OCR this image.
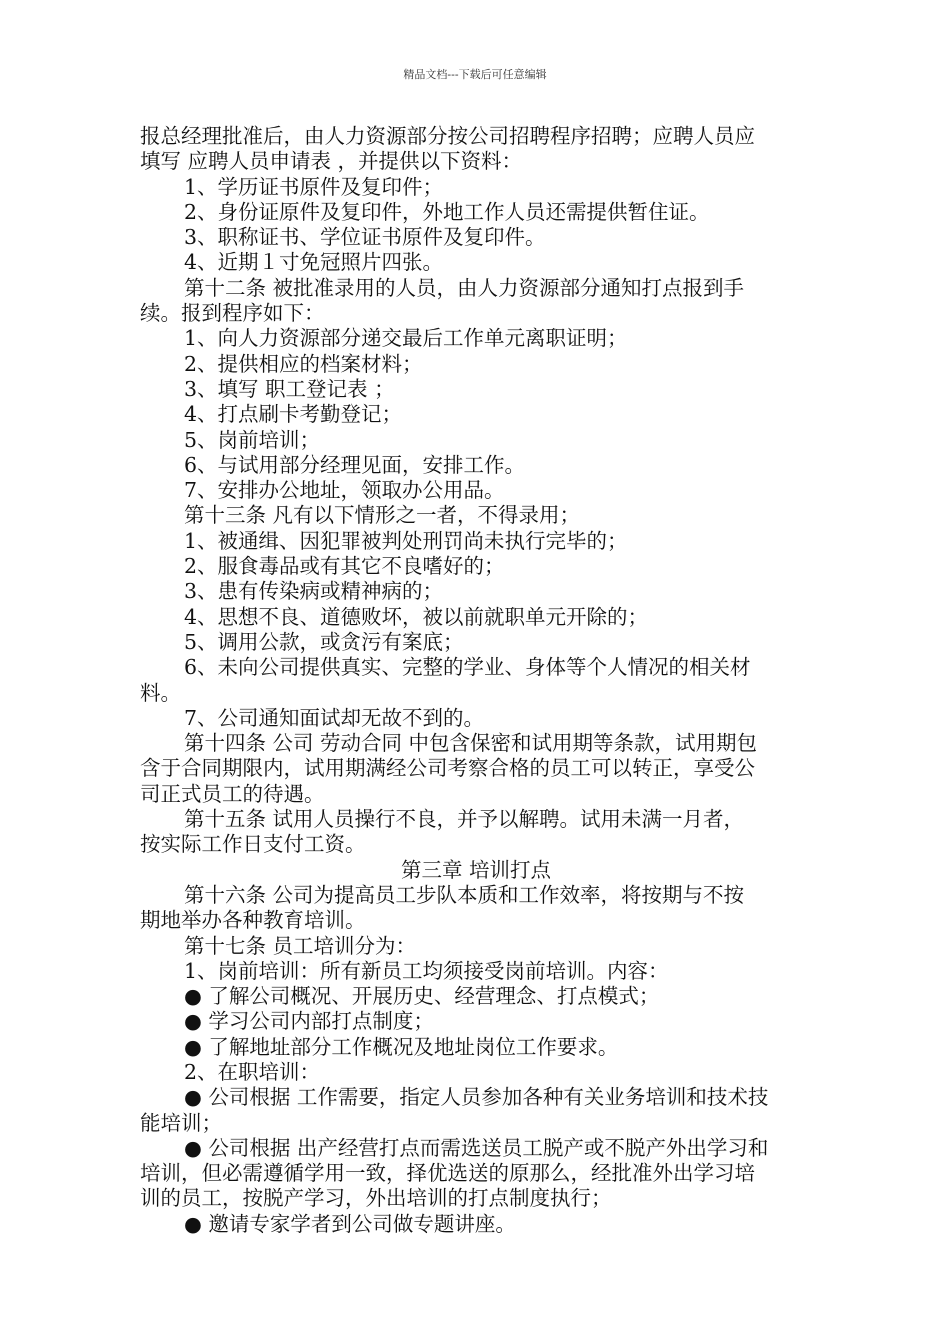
精品文档---下载后可任意编辑

报总经理批准后，由人力资源部分按公司招聘程序招聘；应聘人员应

填写 应聘人员申请表 ，并提供以下资料：

1、学历证书原件及复印件；

2、身份证原件及复印件，外地工作人员还需提供暂住证。

3、职称证书、学位证书原件及复印件。

4、近期１寸免冠照片四张。

第十二条 被批准录用的人员，由人力资源部分通知打点报到手

续。报到程序如下：

1、向人力资源部分递交最后工作单元离职证明；

2、提供相应的档案材料；

3、填写 职工登记表 ；

4、打点刷卡考勤登记；

5、岗前培训；

6、与试用部分经理见面，安排工作。

7、安排办公地址，领取办公用品。

第十三条 凡有以下情形之一者，不得录用；

1、被通缉、因犯罪被判处刑罚尚未执行完毕的；

2、服食毒品或有其它不良嗜好的；

3、患有传染病或精神病的；

4、思想不良、道德败坏，被以前就职单元开除的；

5、调用公款，或贪污有案底；

6、未向公司提供真实、完整的学业、身体等个人情况的相关材

料。

7、公司通知面试却无故不到的。

第十四条 公司 劳动合同 中包含保密和试用期等条款，试用期包

含于合同期限内，试用期满经公司考察合格的员工可以转正，享受公

司正式员工的待遇。

第十五条 试用人员操行不良，并予以解聘。试用未满一月者，

按实际工作日支付工资。

第三章 培训打点

第十六条 公司为提高员工步队本质和工作效率，将按期与不按

期地举办各种教育培训。

第十七条 员工培训分为：

1、岗前培训：所有新员工均须接受岗前培训。内容：

● 了解公司概况、开展历史、经营理念、打点模式；

● 学习公司内部打点制度；

● 了解地址部分工作概况及地址岗位工作要求。

2、在职培训：

● 公司根据 工作需要，指定人员参加各种有关业务培训和技术技

能培训；

● 公司根据 出产经营打点而需选送员工脱产或不脱产外出学习和

培训，但必需遵循学用一致，择优选送的原那么，经批准外出学习培

训的员工，按脱产学习，外出培训的打点制度执行；

● 邀请专家学者到公司做专题讲座。
